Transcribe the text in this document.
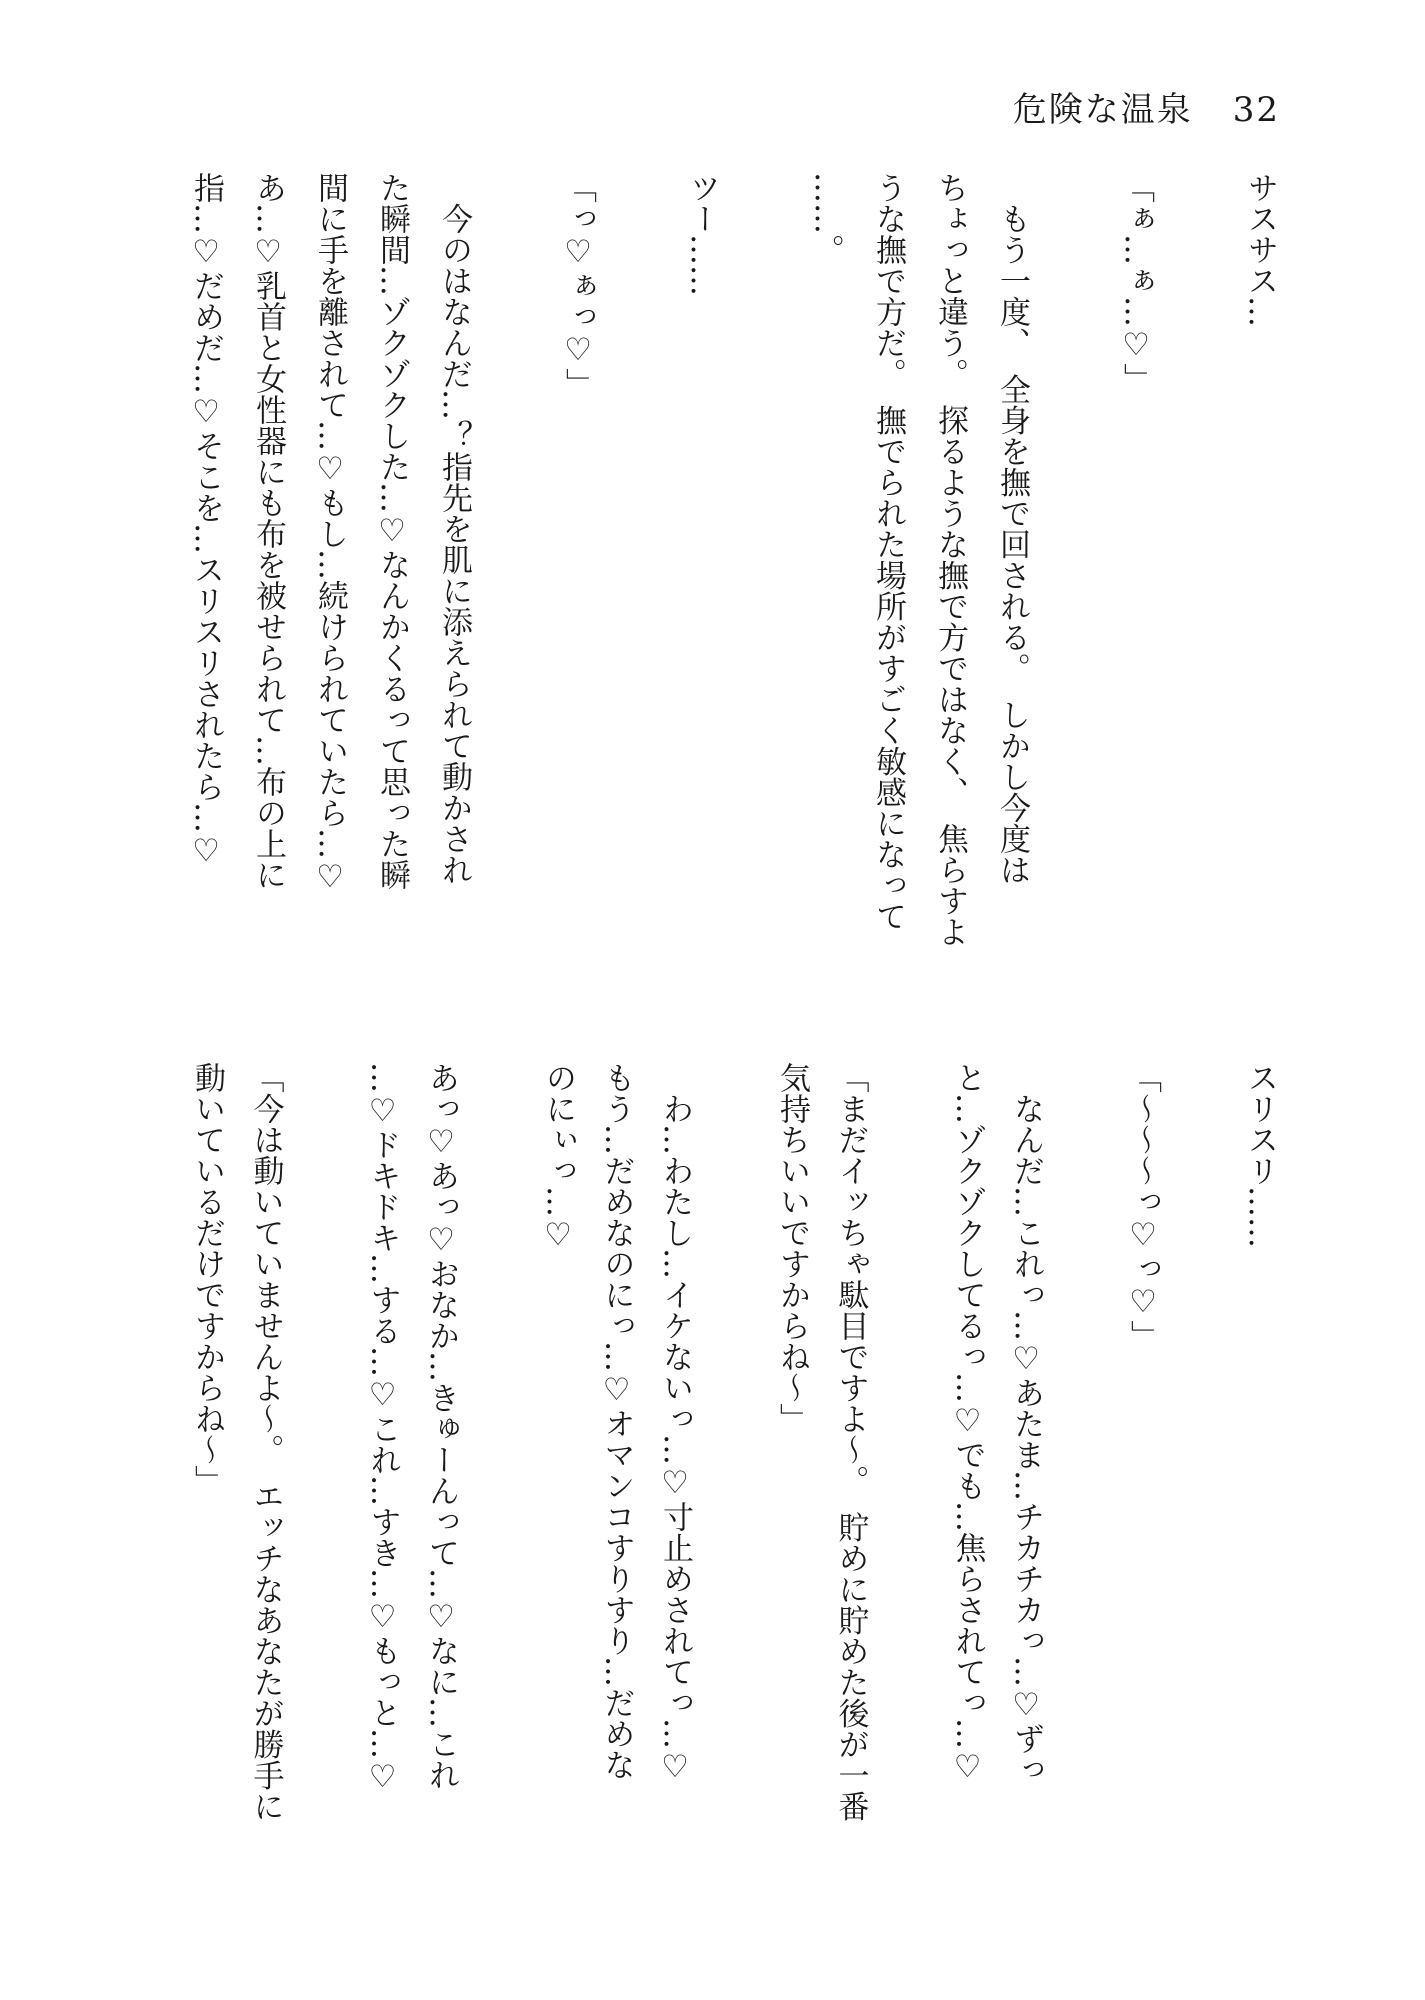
危険な温泉 32
サスサス…
「ぁ…ぁ…♡」
　もう一度、　全身を撫で回される。　しかし今度は
ちょっと違う。　探るような撫で方ではなく、　焦らすよ
うな撫で方だ。　撫でられた場所がすごく敏感になって
……。
ツー……
「っ♡ぁっ♡」
　今のはなんだ…？指先を肌に添えられて動かされ
た瞬間…ゾクゾクした…♡なんかくるって思った瞬
間に手を離されて…♡もし…続けられていたら…♡
あ…♡乳首と女性器にも布を被せられて…布の上に
指…♡だめだ…♡そこを…スリスリされたら…♡
スリスリ……
「〜〜〜っ♡っ♡」
　なんだ…これっ…♡あたま…チカチカっ…♡ずっ
と…ゾクゾクしてるっ…♡でも…焦らされてっ…♡
「まだイッちゃ駄目ですよ〜。　貯めに貯めた後が一番
気持ちいいですからね〜」
　わ…わたし…イケないっ…♡寸止めされてっ…♡
もう…だめなのにっ…♡オマンコすりすり…だめな
のにぃっ…♡
あっ♡あっ♡おなか…きゅーんって…♡なに…これ
…♡ドキドキ…する…♡これ…すき…♡もっと…♡
「今は動いていませんよ〜。　エッチなあなたが勝手に
動いているだけですからね〜」
